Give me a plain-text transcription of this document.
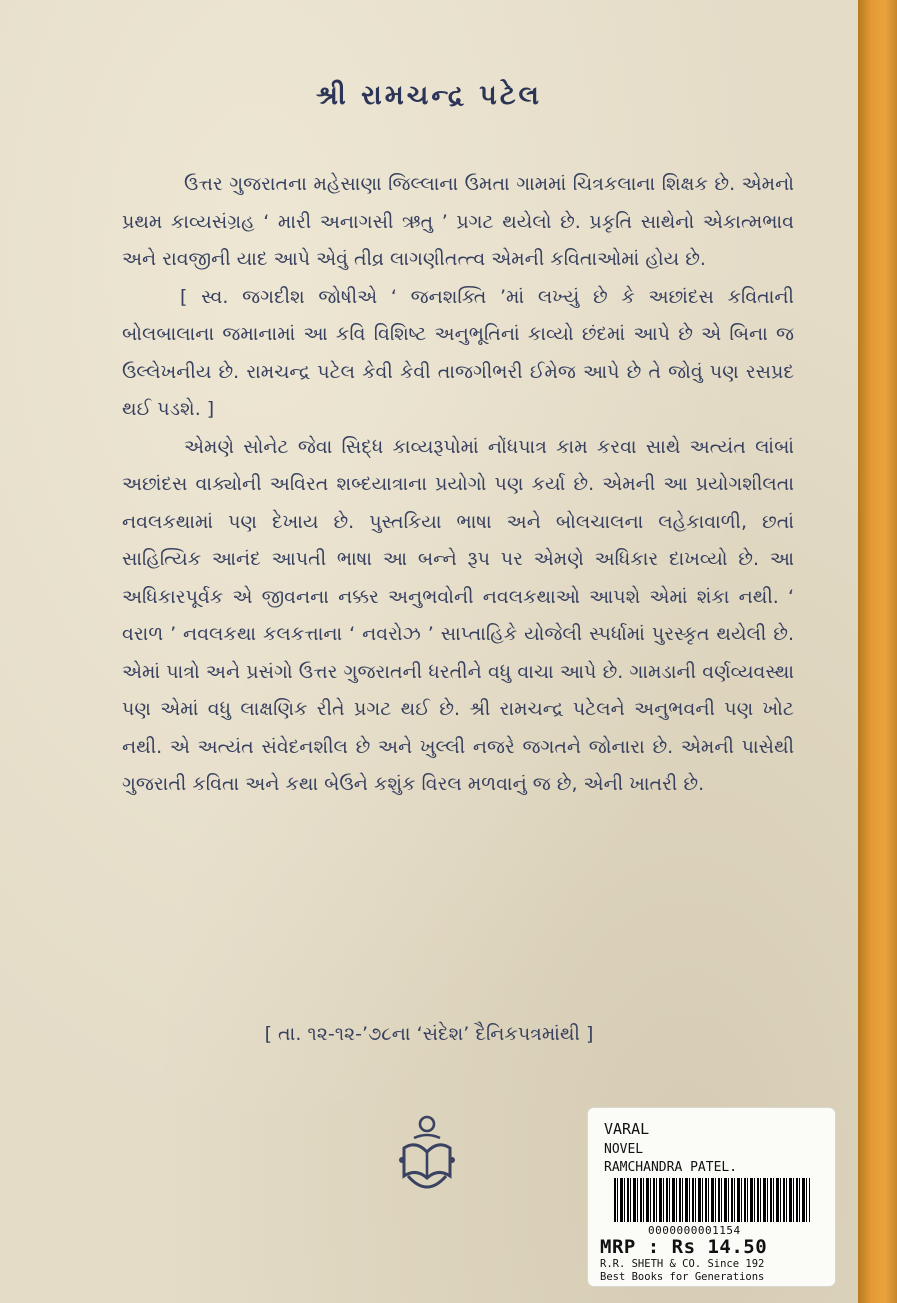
શ્રી રામચન્દ્ર પટેલ

ઉત્તર ગુજરાતના મહેસાણા જિલ્લાના ઉમતા ગામમાં ચિત્રકલાના શિક્ષક છે. એમનો પ્રથમ કાવ્યસંગ્રહ ‘ મારી અનાગસી ઋતુ ’ પ્રગટ થયેલો છે. પ્રકૃતિ સાથેનો એકાત્મભાવ અને રાવજીની યાદ આપે એવું તીવ્ર લાગણીતત્ત્વ એમની કવિતાઓમાં હોય છે.

[ સ્વ. જગદીશ જોષીએ ‘ જનશક્તિ ’માં લખ્યું છે કે અછાંદસ કવિતાની બોલબાલાના જમાનામાં આ કવિ વિશિષ્ટ અનુભૂતિનાં કાવ્યો છંદમાં આપે છે એ બિના જ ઉલ્લેખનીય છે. રામચન્દ્ર પટેલ કેવી કેવી તાજગીભરી ઈમેજ આપે છે તે જોવું પણ રસપ્રદ થઈ પડશે. ]

એમણે સોનેટ જેવા સિદ્ધ કાવ્યરૂપોમાં નોંધપાત્ર કામ કરવા સાથે અત્યંત લાંબાં અછાંદસ વાક્યોની અવિરત શબ્દયાત્રાના પ્રયોગો પણ કર્યા છે. એમની આ પ્રયોગશીલતા નવલકથામાં પણ દેખાય છે. પુસ્તકિયા ભાષા અને બોલચાલના લહેકાવાળી, છતાં સાહિત્યિક આનંદ આપતી ભાષા આ બન્ને રૂપ પર એમણે અધિકાર દાખવ્યો છે. આ અધિકારપૂર્વક એ જીવનના નક્કર અનુભવોની નવલકથાઓ આપશે એમાં શંકા નથી. ‘ વરાળ ’ નવલકથા કલકત્તાના ‘ નવરોઝ ’ સાપ્તાહિકે યોજેલી સ્પર્ધામાં પુરસ્કૃત થયેલી છે. એમાં પાત્રો અને પ્રસંગો ઉત્તર ગુજરાતની ધરતીને વધુ વાચા આપે છે. ગામડાની વર્ણવ્યવસ્થા પણ એમાં વધુ લાક્ષણિક રીતે પ્રગટ થઈ છે. શ્રી રામચન્દ્ર પટેલને અનુભવની પણ ખોટ નથી. એ અત્યંત સંવેદનશીલ છે અને ખુલ્લી નજરે જગતને જોનારા છે. એમની પાસેથી ગુજરાતી કવિતા અને કથા બેઉને કશુંક વિરલ મળવાનું જ છે, એની ખાતરી છે.

[ તા. ૧૨-૧૨-’૭૮ના ‘સંદેશ’ દૈનિકપત્રમાંથી ]
VARAL
NOVEL
RAMCHANDRA PATEL.
0000000001154
MRP : Rs 14.50
R.R. SHETH & CO. Since 192
Best Books for Generations
